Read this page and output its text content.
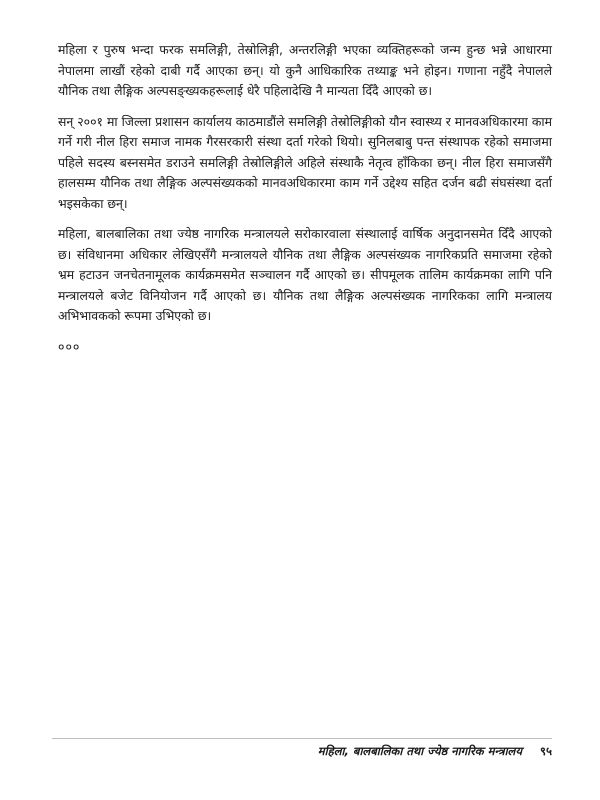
महिला र पुरुष भन्दा फरक समलिङ्गी, तेस्रोलिङ्गी, अन्तरलिङ्गी भएका व्यक्तिहरूको जन्म हुन्छ भन्ने आधारमा नेपालमा लाखौं रहेको दाबी गर्दै आएका छन्। यो कुनै आधिकारिक तथ्याङ्क भने होइन। गणाना नहुँदै नेपालले यौनिक तथा लैङ्गिक अल्पसङ्ख्यकहरूलाई धेरै पहिलादेखि नै मान्यता दिँदै आएको छ।

सन् २००१ मा जिल्ला प्रशासन कार्यालय काठमाडौंले समलिङ्गी तेस्रोलिङ्गीको यौन स्वास्थ्य र मानवअधिकारमा काम गर्ने गरी नील हिरा समाज नामक गैरसरकारी संस्था दर्ता गरेको थियो। सुनिलबाबु पन्त संस्थापक रहेको समाजमा पहिले सदस्य बस्नसमेत डराउने समलिङ्गी तेस्रोलिङ्गीले अहिले संस्थाकै नेतृत्व हाँकिका छन्। नील हिरा समाजसँगै हालसम्म यौनिक तथा लैङ्गिक अल्पसंख्यकको मानवअधिकारमा काम गर्ने उद्देश्य सहित दर्जन बढी संघसंस्था दर्ता भइसकेका छन्।

महिला, बालबालिका तथा ज्येष्ठ नागरिक मन्त्रालयले सरोकारवाला संस्थालाई वार्षिक अनुदानसमेत दिँदै आएको छ। संविधानमा अधिकार लेखिएसँगै मन्त्रालयले यौनिक तथा लैङ्गिक अल्पसंख्यक नागरिकप्रति समाजमा रहेको भ्रम हटाउन जनचेतनामूलक कार्यक्रमसमेत सञ्चालन गर्दै आएको छ। सीपमूलक तालिम कार्यक्रमका लागि पनि मन्त्रालयले बजेट विनियोजन गर्दै आएको छ। यौनिक तथा लैङ्गिक अल्पसंख्यक नागरिकका लागि मन्त्रालय अभिभावकको रूपमा उभिएको छ।

०००
महिला, बालबालिका तथा ज्येष्ठ नागरिक मन्त्रालय ९५
